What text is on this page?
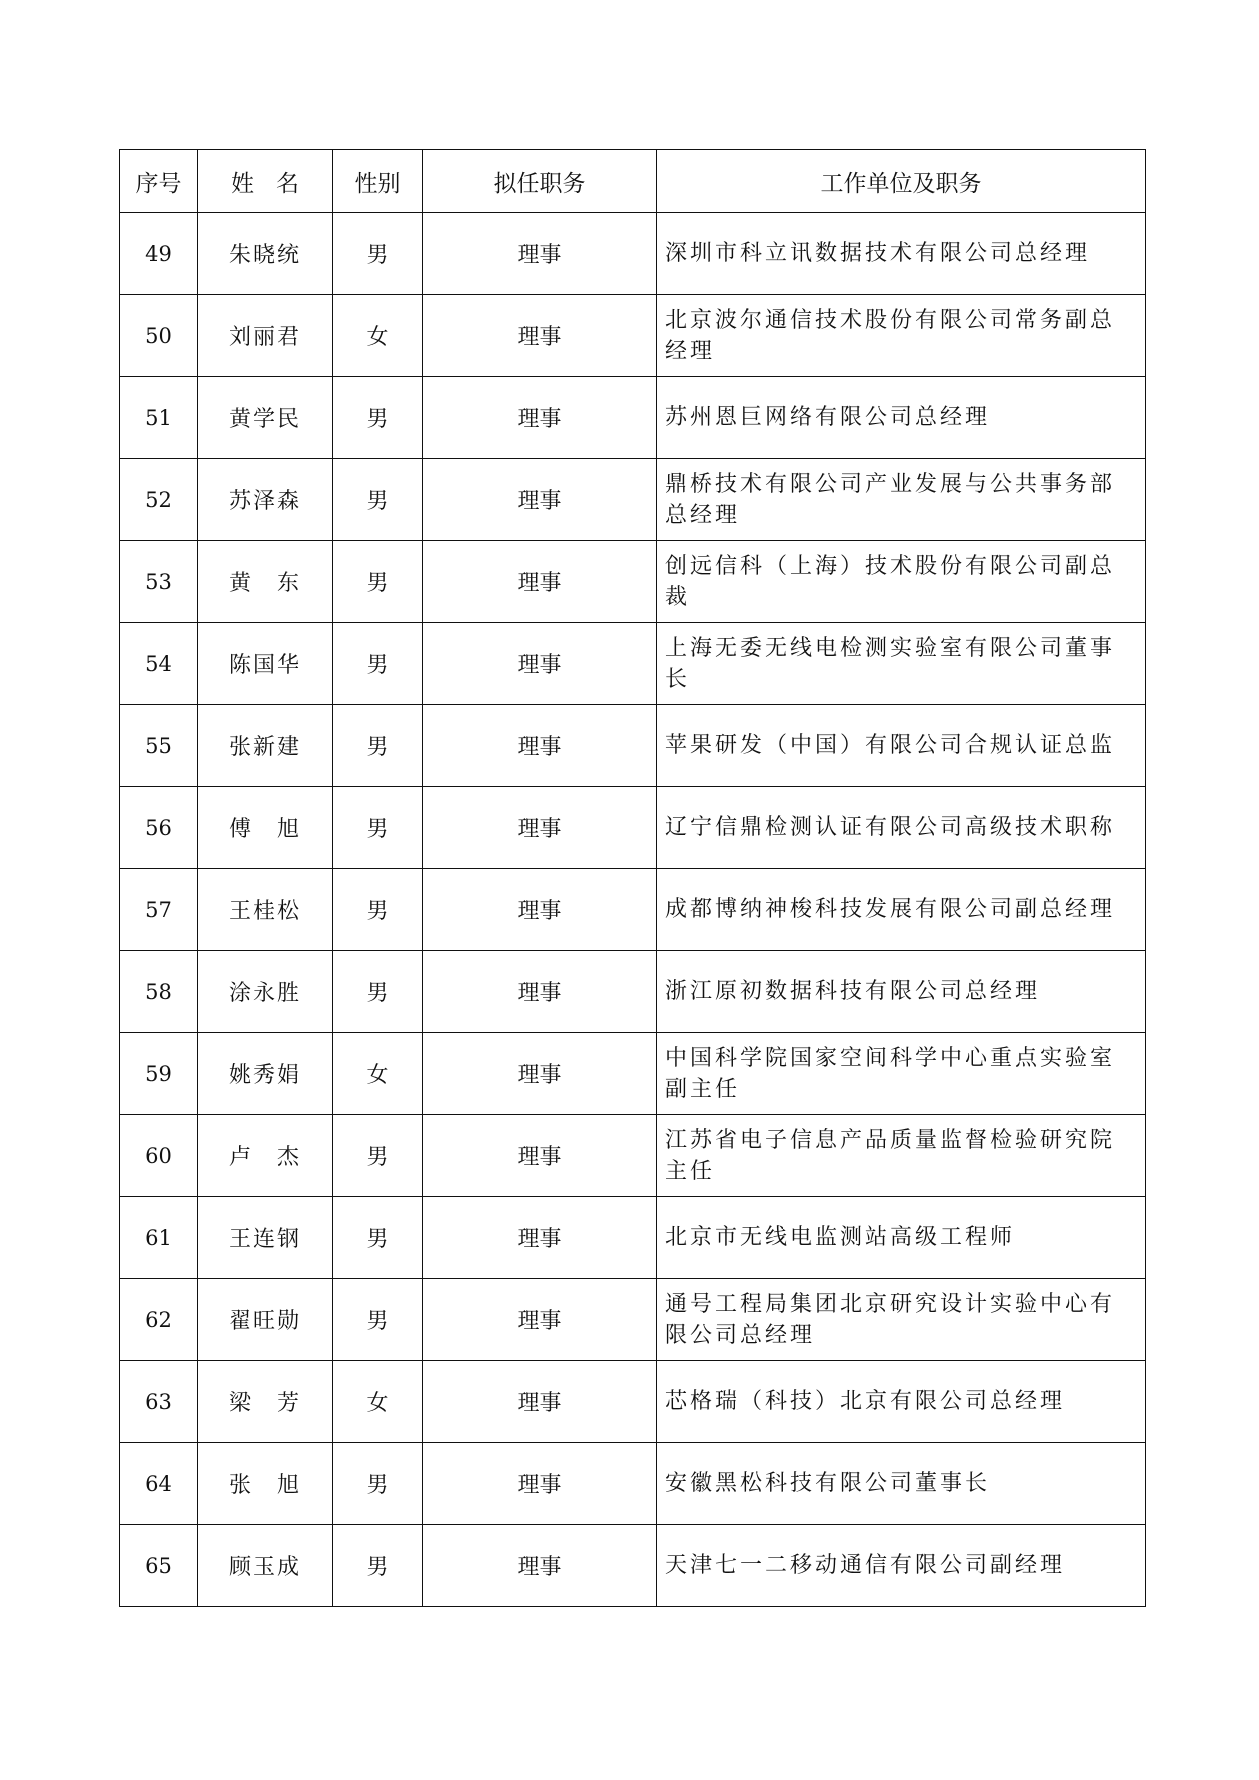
序号	姓 名	性别	拟任职务	工作单位及职务
49	朱晓统	男	理事	深圳市科立讯数据技术有限公司总经理
50	刘丽君	女	理事	北京波尔通信技术股份有限公司常务副总经理
51	黄学民	男	理事	苏州恩巨网络有限公司总经理
52	苏泽森	男	理事	鼎桥技术有限公司产业发展与公共事务部总经理
53	黄　东	男	理事	创远信科（上海）技术股份有限公司副总裁
54	陈国华	男	理事	上海无委无线电检测实验室有限公司董事长
55	张新建	男	理事	苹果研发（中国）有限公司合规认证总监
56	傅　旭	男	理事	辽宁信鼎检测认证有限公司高级技术职称
57	王桂松	男	理事	成都博纳神梭科技发展有限公司副总经理
58	涂永胜	男	理事	浙江原初数据科技有限公司总经理
59	姚秀娟	女	理事	中国科学院国家空间科学中心重点实验室副主任
60	卢　杰	男	理事	江苏省电子信息产品质量监督检验研究院主任
61	王连钢	男	理事	北京市无线电监测站高级工程师
62	翟旺勋	男	理事	通号工程局集团北京研究设计实验中心有限公司总经理
63	梁　芳	女	理事	芯格瑞（科技）北京有限公司总经理
64	张　旭	男	理事	安徽黑松科技有限公司董事长
65	顾玉成	男	理事	天津七一二移动通信有限公司副经理
